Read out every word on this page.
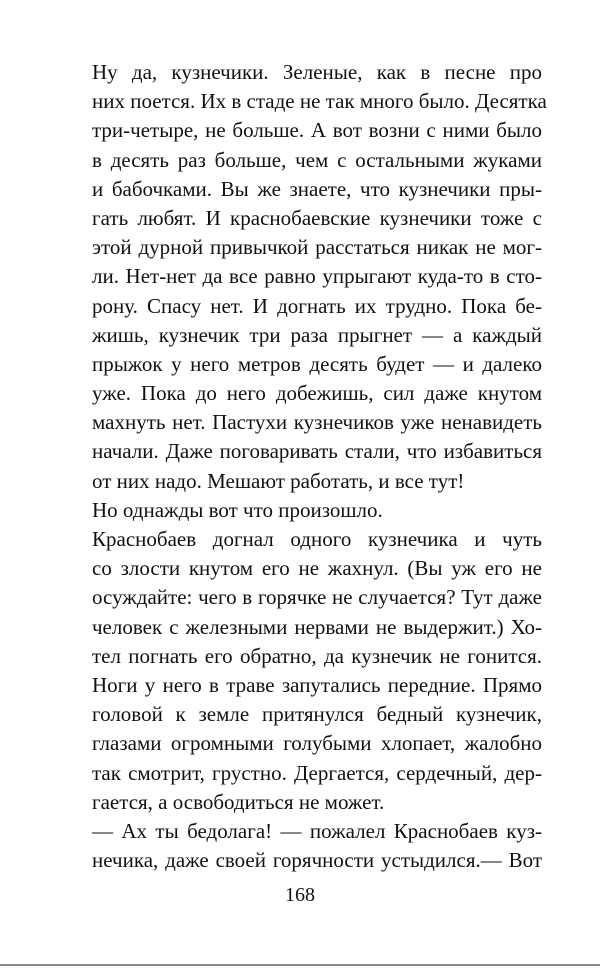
Ну да, кузнечики. Зеленые, как в песне про
них поется. Их в стаде не так много было. Десятка
три-четыре, не больше. А вот возни с ними было
в десять раз больше, чем с остальными жуками
и бабочками. Вы же знаете, что кузнечики пры-
гать любят. И краснобаевские кузнечики тоже с
этой дурной привычкой расстаться никак не мог-
ли. Нет-нет да все равно упрыгают куда-то в сто-
рону. Спасу нет. И догнать их трудно. Пока бе-
жишь, кузнечик три раза прыгнет — а каждый
прыжок у него метров десять будет — и далеко
уже. Пока до него добежишь, сил даже кнутом
махнуть нет. Пастухи кузнечиков уже ненавидеть
начали. Даже поговаривать стали, что избавиться
от них надо. Мешают работать, и все тут!
Но однажды вот что произошло.
Краснобаев догнал одного кузнечика и чуть
со злости кнутом его не жахнул. (Вы уж его не
осуждайте: чего в горячке не случается? Тут даже
человек с железными нервами не выдержит.) Хо-
тел погнать его обратно, да кузнечик не гонится.
Ноги у него в траве запутались передние. Прямо
головой к земле притянулся бедный кузнечик,
глазами огромными голубыми хлопает, жалобно
так смотрит, грустно. Дергается, сердечный, дер-
гается, а освободиться не может.
— Ах ты бедолага! — пожалел Краснобаев куз-
нечика, даже своей горячности устыдился.— Вот
168
